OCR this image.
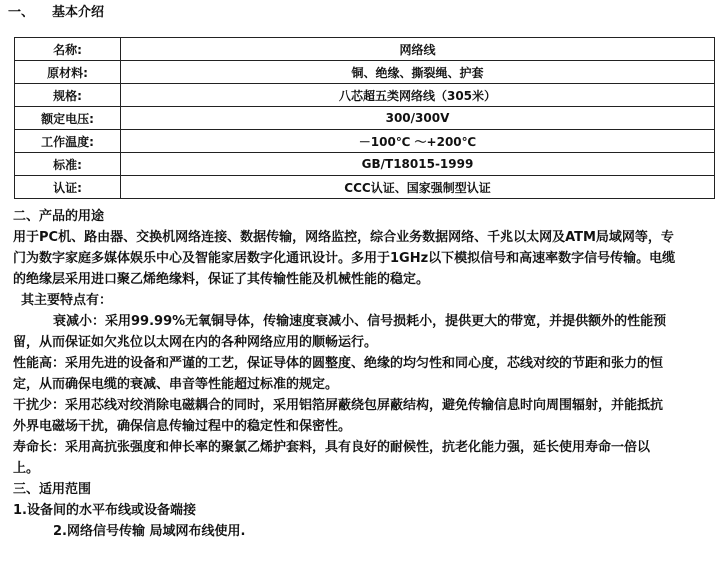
一、 基本介绍
名称:	网络线
原材料:	铜、绝缘、撕裂绳、护套
规格:	八芯超五类网络线（305米）
额定电压:	300/300V
工作温度:	－100℃ ～+200℃
标准:	GB/T18015-1999
认证:	CCC认证、国家强制型认证
二、产品的用途
用于PC机、路由器、交换机网络连接、数据传输，网络监控，综合业务数据网络、千兆以太网及ATM局域网等，专
门为数字家庭多媒体娱乐中心及智能家居数字化通讯设计。多用于1GHz以下模拟信号和高速率数字信号传输。电缆
的绝缘层采用进口聚乙烯绝缘料，保证了其传输性能及机械性能的稳定。
其主要特点有：
衰减小：采用99.99%无氧铜导体，传输速度衰减小、信号损耗小，提供更大的带宽，并提供额外的性能预
留，从而保证如欠兆位以太网在内的各种网络应用的顺畅运行。
性能高：采用先进的设备和严谨的工艺，保证导体的圆整度、绝缘的均匀性和同心度，芯线对绞的节距和张力的恒
定，从而确保电缆的衰减、串音等性能超过标准的规定。
干扰少：采用芯线对绞消除电磁耦合的同时，采用铝箔屏蔽绕包屏蔽结构，避免传输信息时向周围辐射，并能抵抗
外界电磁场干扰，确保信息传输过程中的稳定性和保密性。
寿命长：采用高抗张强度和伸长率的聚氯乙烯护套料，具有良好的耐候性，抗老化能力强，延长使用寿命一倍以
上。
三、适用范围
1.设备间的水平布线或设备端接
2.网络信号传输 局域网布线使用.
